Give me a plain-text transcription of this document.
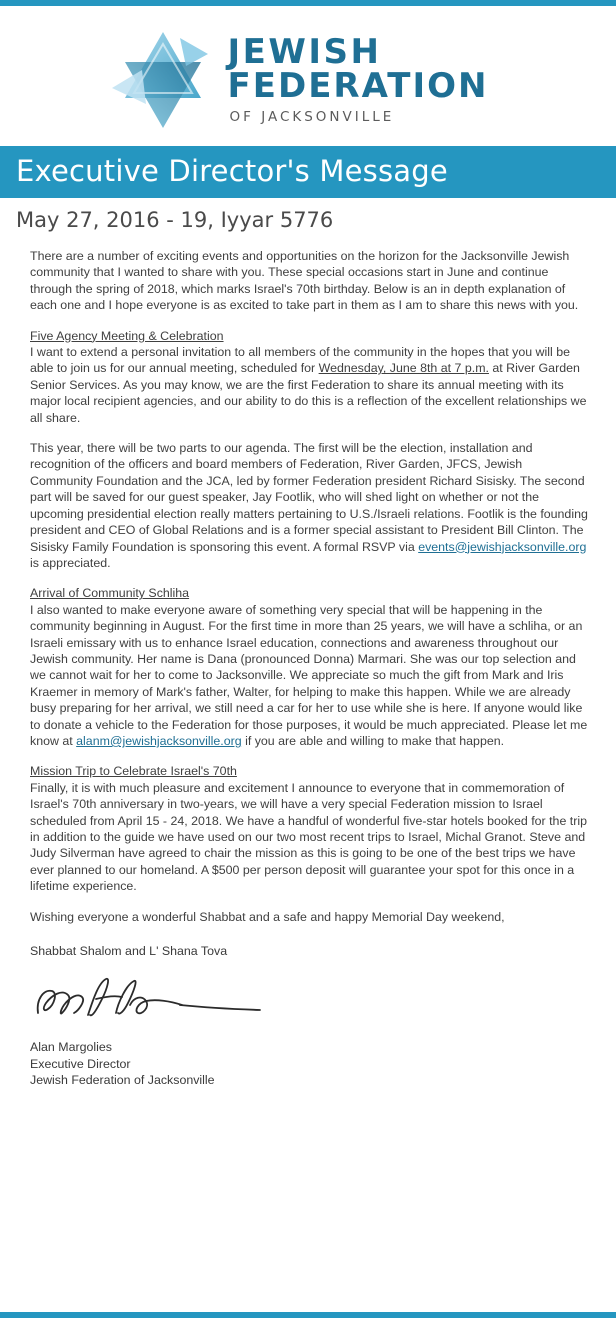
JEWISH
FEDERATION
OF JACKSONVILLE
Executive Director's Message
May 27, 2016 - 19, Iyyar 5776

There are a number of exciting events and opportunities on the horizon for the Jacksonville Jewish community that I wanted to share with you. These special occasions start in June and continue through the spring of 2018, which marks Israel's 70th birthday. Below is an in depth explanation of each one and I hope everyone is as excited to take part in them as I am to share this news with you.

Five Agency Meeting & Celebration

I want to extend a personal invitation to all members of the community in the hopes that you will be able to join us for our annual meeting, scheduled for Wednesday, June 8th at 7 p.m. at River Garden Senior Services. As you may know, we are the first Federation to share its annual meeting with its major local recipient agencies, and our ability to do this is a reflection of the excellent relationships we all share.

This year, there will be two parts to our agenda. The first will be the election, installation and recognition of the officers and board members of Federation, River Garden, JFCS, Jewish Community Foundation and the JCA, led by former Federation president Richard Sisisky. The second part will be saved for our guest speaker, Jay Footlik, who will shed light on whether or not the upcoming presidential election really matters pertaining to U.S./Israeli relations. Footlik is the founding president and CEO of Global Relations and is a former special assistant to President Bill Clinton. The Sisisky Family Foundation is sponsoring this event. A formal RSVP via events@jewishjacksonville.org is appreciated.

Arrival of Community Schliha

I also wanted to make everyone aware of something very special that will be happening in the community beginning in August. For the first time in more than 25 years, we will have a schliha, or an Israeli emissary with us to enhance Israel education, connections and awareness throughout our Jewish community. Her name is Dana (pronounced Donna) Marmari. She was our top selection and we cannot wait for her to come to Jacksonville. We appreciate so much the gift from Mark and Iris Kraemer in memory of Mark's father, Walter, for helping to make this happen. While we are already busy preparing for her arrival, we still need a car for her to use while she is here. If anyone would like to donate a vehicle to the Federation for those purposes, it would be much appreciated. Please let me know at alanm@jewishjacksonville.org if you are able and willing to make that happen.

Mission Trip to Celebrate Israel's 70th

Finally, it is with much pleasure and excitement I announce to everyone that in commemoration of Israel's 70th anniversary in two-years, we will have a very special Federation mission to Israel scheduled from April 15 - 24, 2018. We have a handful of wonderful five-star hotels booked for the trip in addition to the guide we have used on our two most recent trips to Israel, Michal Granot. Steve and Judy Silverman have agreed to chair the mission as this is going to be one of the best trips we have ever planned to our homeland. A $500 per person deposit will guarantee your spot for this once in a lifetime experience.

Wishing everyone a wonderful Shabbat and a safe and happy Memorial Day weekend,

Shabbat Shalom and L' Shana Tova
Alan Margolies
Executive Director
Jewish Federation of Jacksonville
